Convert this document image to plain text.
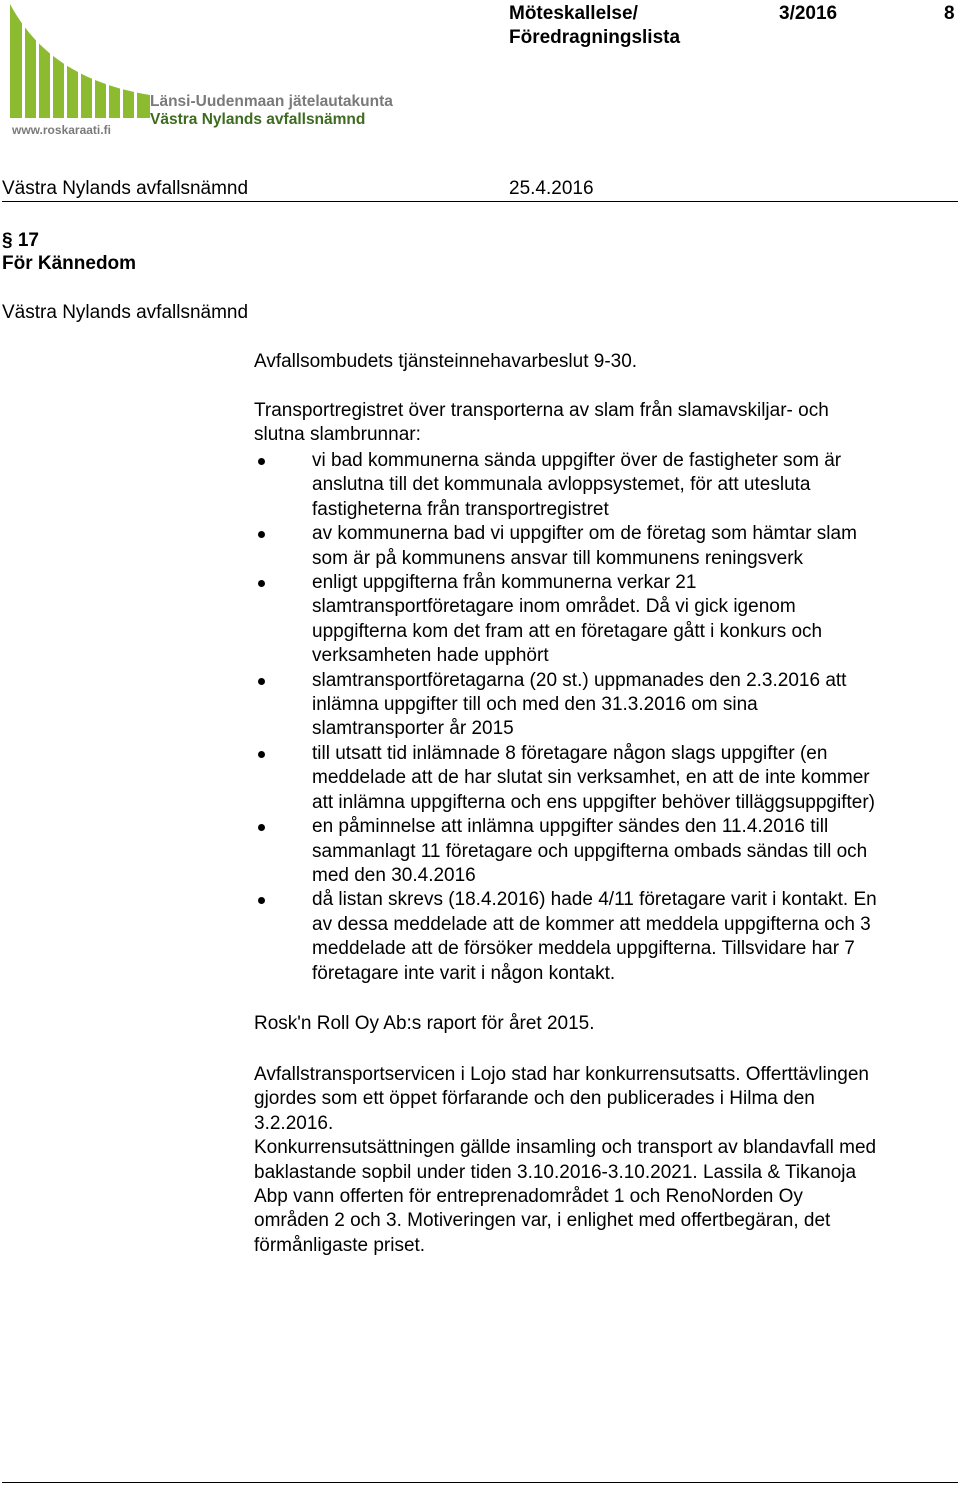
Länsi-Uudenmaan jätelautakunta
Västra Nylands avfallsnämnd
www.roskaraati.fi
Möteskallelse/
Föredragningslista
3/2016	8
Västra Nylands avfallsnämnd	25.4.2016
§ 17
För Kännedom
Västra Nylands avfallsnämnd
Avfallsombudets tjänsteinnehavarbeslut 9-30.
Transportregistret över transporterna av slam från slamavskiljar- och
slutna slambrunnar:
vi bad kommunerna sända uppgifter över de fastigheter som är
anslutna till det kommunala avloppsystemet, för att utesluta
fastigheterna från transportregistret
av kommunerna bad vi uppgifter om de företag som hämtar slam
som är på kommunens ansvar till kommunens reningsverk
enligt uppgifterna från kommunerna verkar 21
slamtransportföretagare inom området. Då vi gick igenom
uppgifterna kom det fram att en företagare gått i konkurs och
verksamheten hade upphört
slamtransportföretagarna (20 st.) uppmanades den 2.3.2016 att
inlämna uppgifter till och med den 31.3.2016 om sina
slamtransporter år 2015
till utsatt tid inlämnade 8 företagare någon slags uppgifter (en
meddelade att de har slutat sin verksamhet, en att de inte kommer
att inlämna uppgifterna och ens uppgifter behöver tilläggsuppgifter)
en påminnelse att inlämna uppgifter sändes den 11.4.2016 till
sammanlagt 11 företagare och uppgifterna ombads sändas till och
med den 30.4.2016
då listan skrevs (18.4.2016) hade 4/11 företagare varit i kontakt. En
av dessa meddelade att de kommer att meddela uppgifterna och 3
meddelade att de försöker meddela uppgifterna. Tillsvidare har 7
företagare inte varit i någon kontakt.
Rosk'n Roll Oy Ab:s raport för året 2015.
Avfallstransportservicen i Lojo stad har konkurrensutsatts. Offerttävlingen
gjordes som ett öppet förfarande och den publicerades i Hilma den
3.2.2016.
Konkurrensutsättningen gällde insamling och transport av blandavfall med
baklastande sopbil under tiden 3.10.2016-3.10.2021. Lassila & Tikanoja
Abp vann offerten för entreprenadområdet 1 och RenoNorden Oy
områden 2 och 3. Motiveringen var, i enlighet med offertbegäran, det
förmånligaste priset.
